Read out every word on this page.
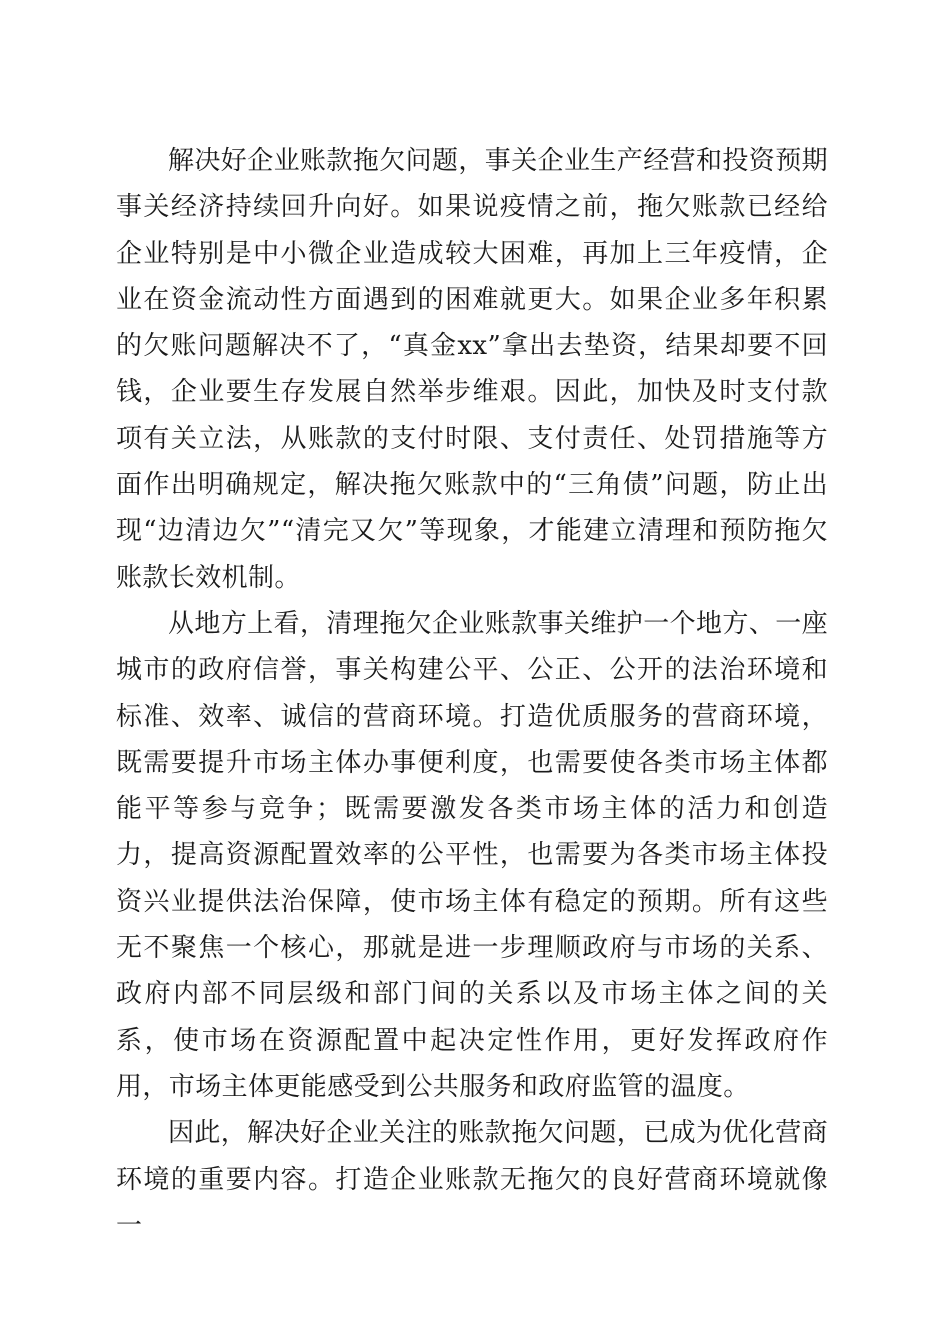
解决好企业账款拖欠问题，事关企业生产经营和投资预期事关经济持续回升向好。如果说疫情之前，拖欠账款已经给企业特别是中小微企业造成较大困难，再加上三年疫情，企业在资金流动性方面遇到的困难就更大。如果企业多年积累的欠账问题解决不了，“真金xx”拿出去垫资，结果却要不回钱，企业要生存发展自然举步维艰。因此，加快及时支付款项有关立法，从账款的支付时限、支付责任、处罚措施等方面作出明确规定，解决拖欠账款中的“三角债”问题，防止出现“边清边欠”“清完又欠”等现象，才能建立清理和预防拖欠账款长效机制。

从地方上看，清理拖欠企业账款事关维护一个地方、一座城市的政府信誉，事关构建公平、公正、公开的法治环境和标准、效率、诚信的营商环境。打造优质服务的营商环境，既需要提升市场主体办事便利度，也需要使各类市场主体都能平等参与竞争；既需要激发各类市场主体的活力和创造力，提高资源配置效率的公平性，也需要为各类市场主体投资兴业提供法治保障，使市场主体有稳定的预期。所有这些无不聚焦一个核心，那就是进一步理顺政府与市场的关系、政府内部不同层级和部门间的关系以及市场主体之间的关系，使市场在资源配置中起决定性作用，更好发挥政府作用，市场主体更能感受到公共服务和政府监管的温度。

因此，解决好企业关注的账款拖欠问题，已成为优化营商环境的重要内容。打造企业账款无拖欠的良好营商环境就像一
